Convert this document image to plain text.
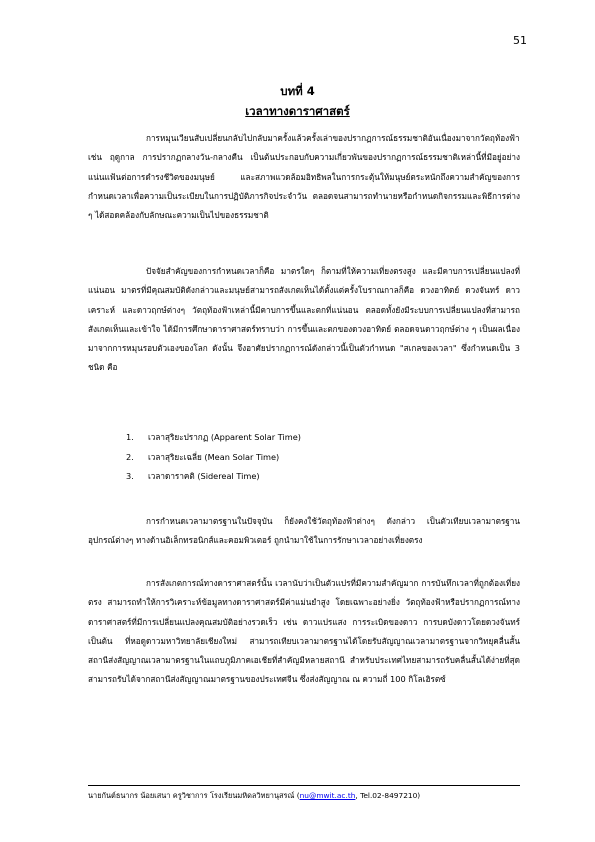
51
บทที่ 4
เวลาทางดาราศาสตร์

การหมุนเวียนสับเปลี่ยนกลับไปกลับมาครั้งแล้วครั้งเล่าของปรากฏการณ์ธรรมชาติอันเนื่องมาจากวัตถุท้องฟ้า เช่น ฤดูกาล การปรากฏกลางวัน-กลางคืน เป็นต้นประกอบกับความเกี่ยวพันของปรากฏการณ์ธรรมชาติเหล่านี้ที่มีอยู่อย่างแน่นแฟ้นต่อการดำรงชีวิตของมนุษย์ และสภาพแวดล้อมอิทธิพลในการกระตุ้นให้มนุษย์ตระหนักถึงความสำคัญของการกำหนดเวลาเพื่อความเป็นระเบียบในการปฏิบัติภารกิจประจำวัน ตลอดจนสามารถทำนายหรือกำหนดกิจกรรมและพิธีการต่าง ๆ ได้สอดคล้องกับลักษณะความเป็นไปของธรรมชาติ

ปัจจัยสำคัญของการกำหนดเวลาก็คือ มาตรใดๆ ก็ตามที่ให้ความเที่ยงตรงสูง และมีคาบการเปลี่ยนแปลงที่แน่นอน มาตรที่มีคุณสมบัติดังกล่าวและมนุษย์สามารถสังเกตเห็นได้ตั้งแต่ครั้งโบราณกาลก็คือ ดวงอาทิตย์ ดวงจันทร์ ดาวเคราะห์ และดาวฤกษ์ต่างๆ วัตถุท้องฟ้าเหล่านี้มีคาบการขึ้นและตกที่แน่นอน ตลอดทั้งยังมีระบบการเปลี่ยนแปลงที่สามารถสังเกตเห็นและเข้าใจ ได้มีการศึกษาดาราศาสตร์ทราบว่า การขึ้นและตกของดวงอาทิตย์ ตลอดจนดาวฤกษ์ต่าง ๆ เป็นผลเนื่องมาจากการหมุนรอบตัวเองของโลก ดังนั้น จึงอาศัยปรากฏการณ์ดังกล่าวนี้เป็นตัวกำหนด "สเกลของเวลา" ซึ่งกำหนดเป็น 3 ชนิด คือ

1. เวลาสุริยะปรากฏ (Apparent Solar Time)
2. เวลาสุริยะเฉลี่ย (Mean Solar Time)
3. เวลาดาราคติ (Sidereal Time)

การกำหนดเวลามาตรฐานในปัจจุบัน ก็ยังคงใช้วัตถุท้องฟ้าต่างๆ ดังกล่าว เป็นตัวเทียบเวลามาตรฐาน อุปกรณ์ต่างๆ ทางด้านอิเล็กทรอนิกส์และคอมพิวเตอร์ ถูกนำมาใช้ในการรักษาเวลาอย่างเที่ยงตรง

การสังเกตการณ์ทางดาราศาสตร์นั้น เวลานับว่าเป็นตัวแปรที่มีความสำคัญมาก การบันทึกเวลาที่ถูกต้องเที่ยงตรง สามารถทำให้การวิเคราะห์ข้อมูลทางดาราศาสตร์มีค่าแม่นยำสูง โดยเฉพาะอย่างยิ่ง วัตถุท้องฟ้าหรือปรากฏการณ์ทางดาราศาสตร์ที่มีการเปลี่ยนแปลงคุณสมบัติอย่างรวดเร็ว เช่น ดาวแปรแสง การระเบิดของดาว การบดบังดาวโดยดวงจันทร์ เป็นต้น ที่หอดูดาวมหาวิทยาลัยเชียงใหม่ สามารถเทียบเวลามาตรฐานได้โดยรับสัญญาณเวลามาตรฐานจากวิทยุคลื่นสั้น สถานีส่งสัญญาณเวลามาตรฐานในแถบภูมิภาคเอเชียที่สำคัญมีหลายสถานี สำหรับประเทศไทยสามารถรับคลื่นสั้นได้ง่ายที่สุด สามารถรับได้จากสถานีส่งสัญญาณมาตรฐานของประเทศจีน ซึ่งส่งสัญญาณ ณ ความถี่ 100 กิโลเฮิรตซ์

นายกันต์ธนากร น้อยเสนา ครูวิชาการ โรงเรียนมหิดลวิทยานุสรณ์ (nu@mwit.ac.th, Tel.02-8497210)
